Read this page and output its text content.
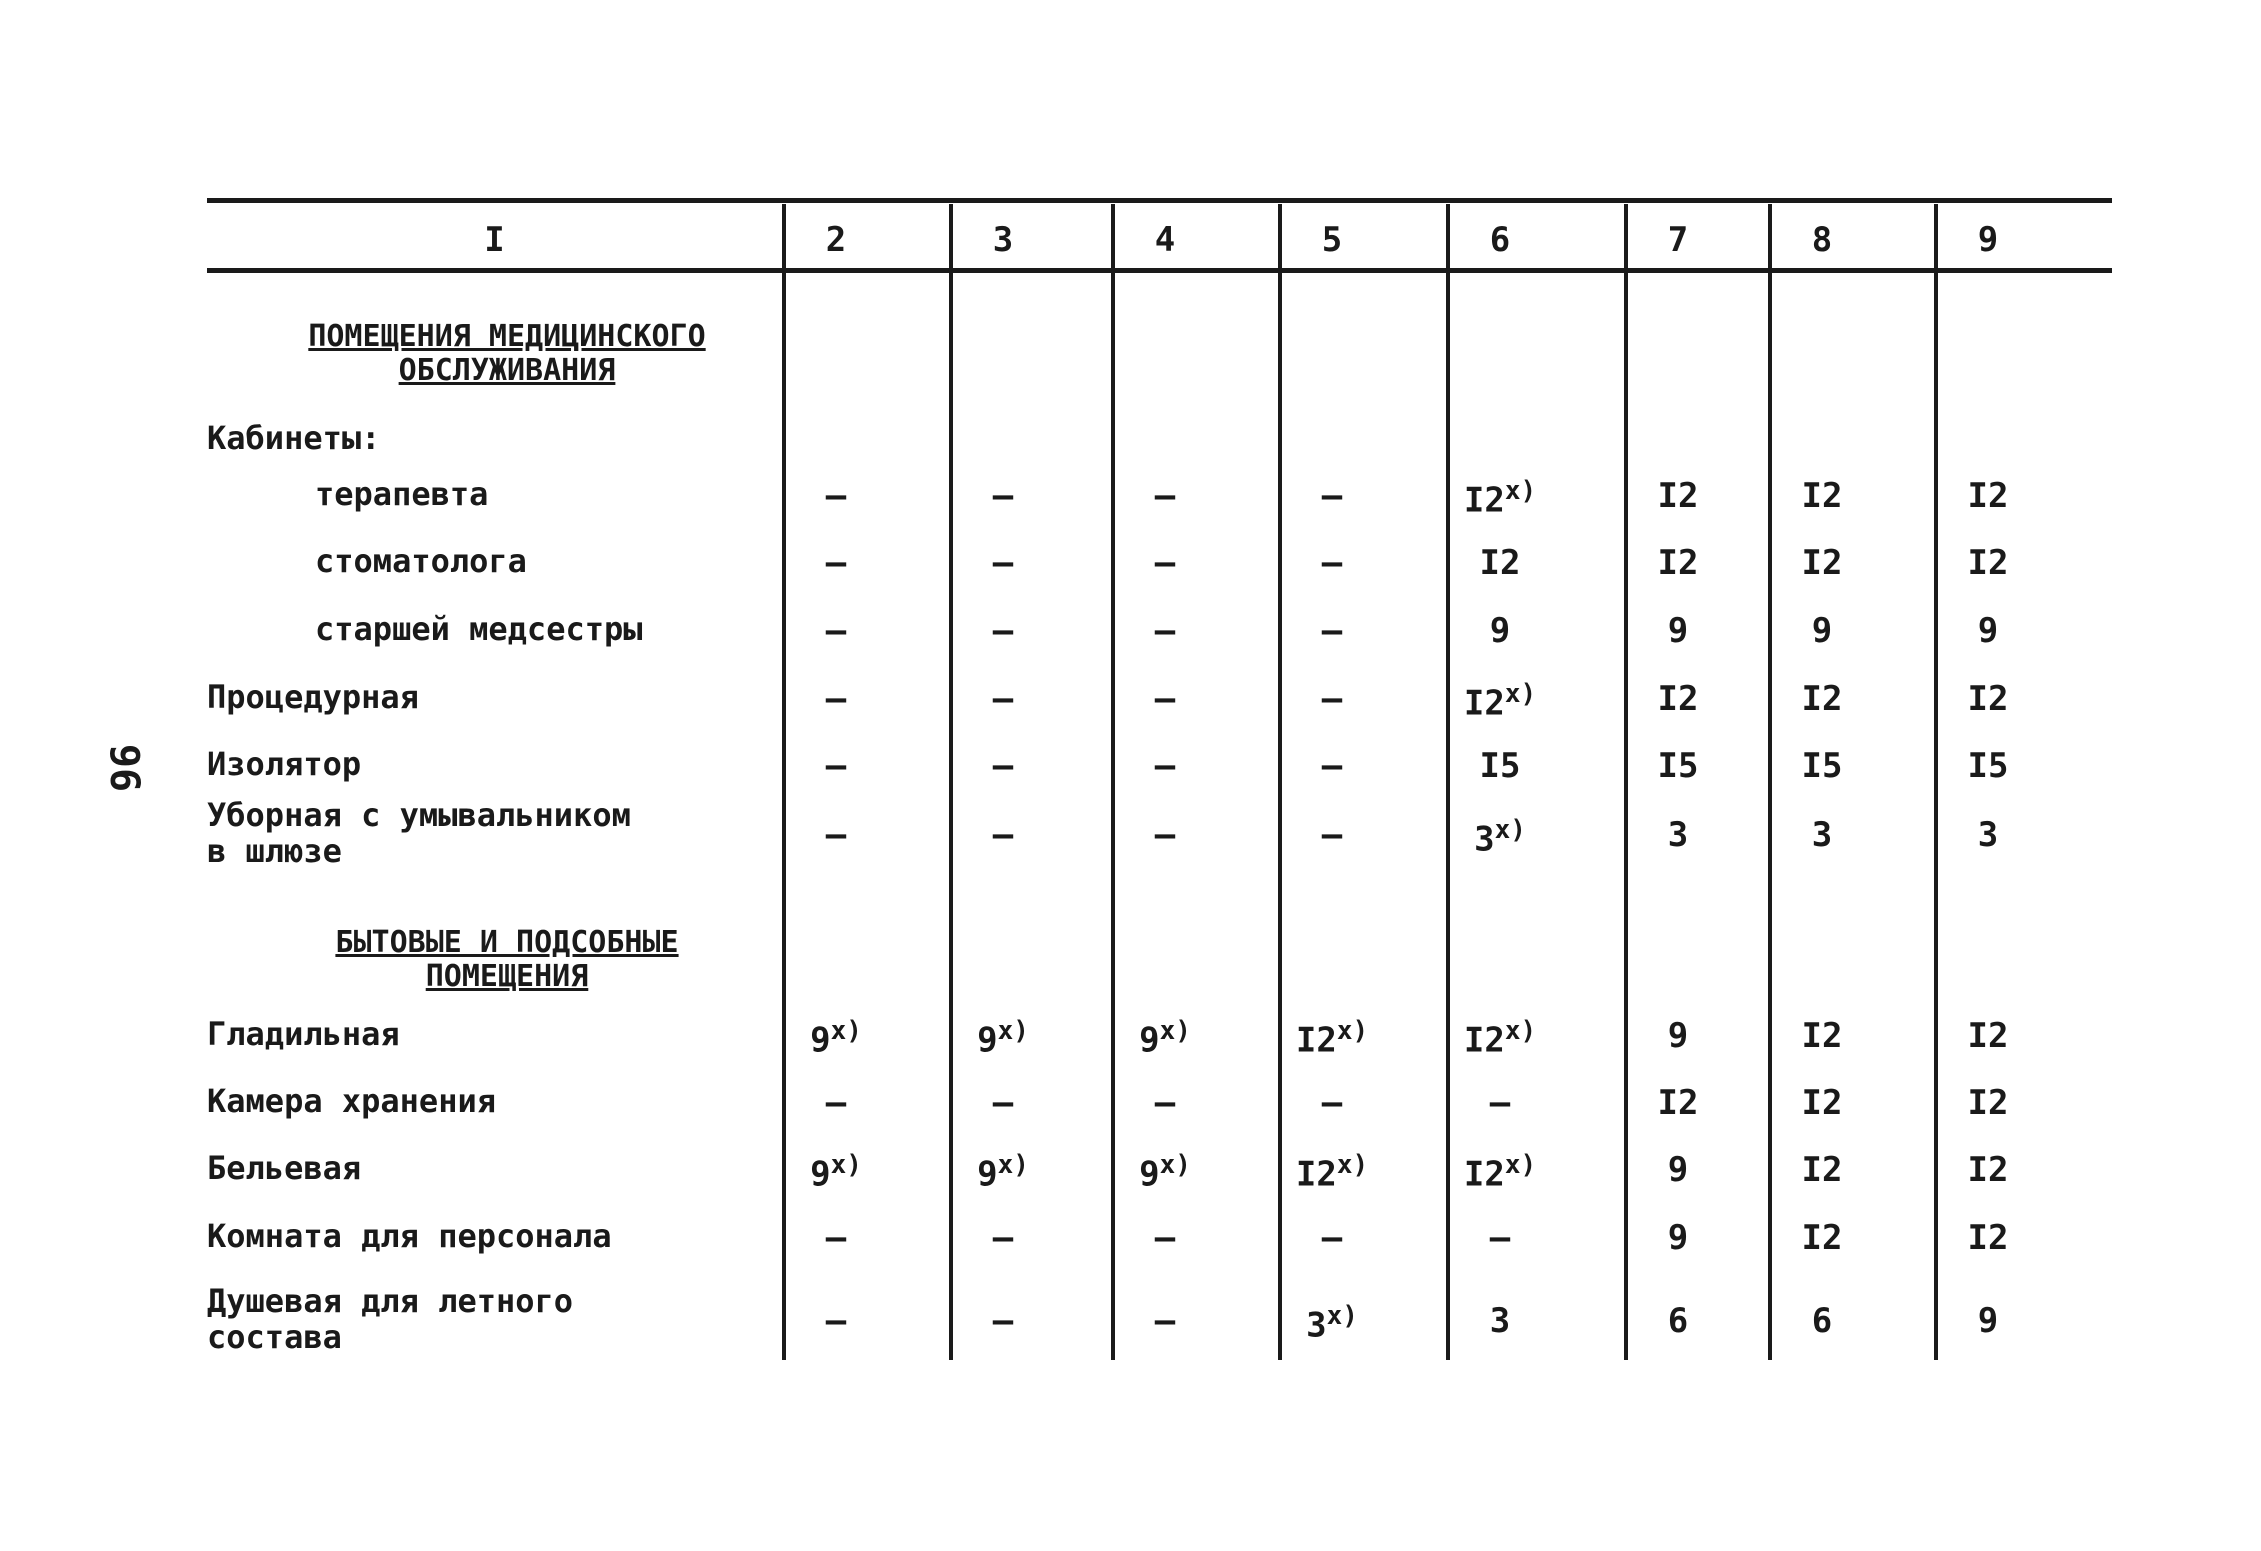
96
I	2	3	4	5	6	7	8	9
ПОМЕЩЕНИЯ МЕДИЦИНСКОГО ОБСЛУЖИВАНИЯ
БЫТОВЫЕ И ПОДСОБНЫЕ ПОМЕЩЕНИЯ
Кабинеты:
терапевта	–	–	–	–	I2$^{x)}$	I2	I2	I2
стоматолога	–	–	–	–	I2	I2	I2	I2
старшей медсестры	–	–	–	–	9	9	9	9
Процедурная	–	–	–	–	I2$^{x)}$	I2	I2	I2
Изолятор	–	–	–	–	I5	I5	I5	I5
Уборная с умывальником
в шлюзе	–	–	–	–	3$^{x)}$	3	3	3
Гладильная	9$^{x)}$	9$^{x)}$	9$^{x)}$	I2$^{x)}$	I2$^{x)}$	9	I2	I2
Камера хранения	–	–	–	–	–	I2	I2	I2
Бельевая	9$^{x)}$	9$^{x)}$	9$^{x)}$	I2$^{x)}$	I2$^{x)}$	9	I2	I2
Комната для персонала	–	–	–	–	–	9	I2	I2
Душевая для летного
состава	–	–	–	3$^{x)}$	3	6	6	9
